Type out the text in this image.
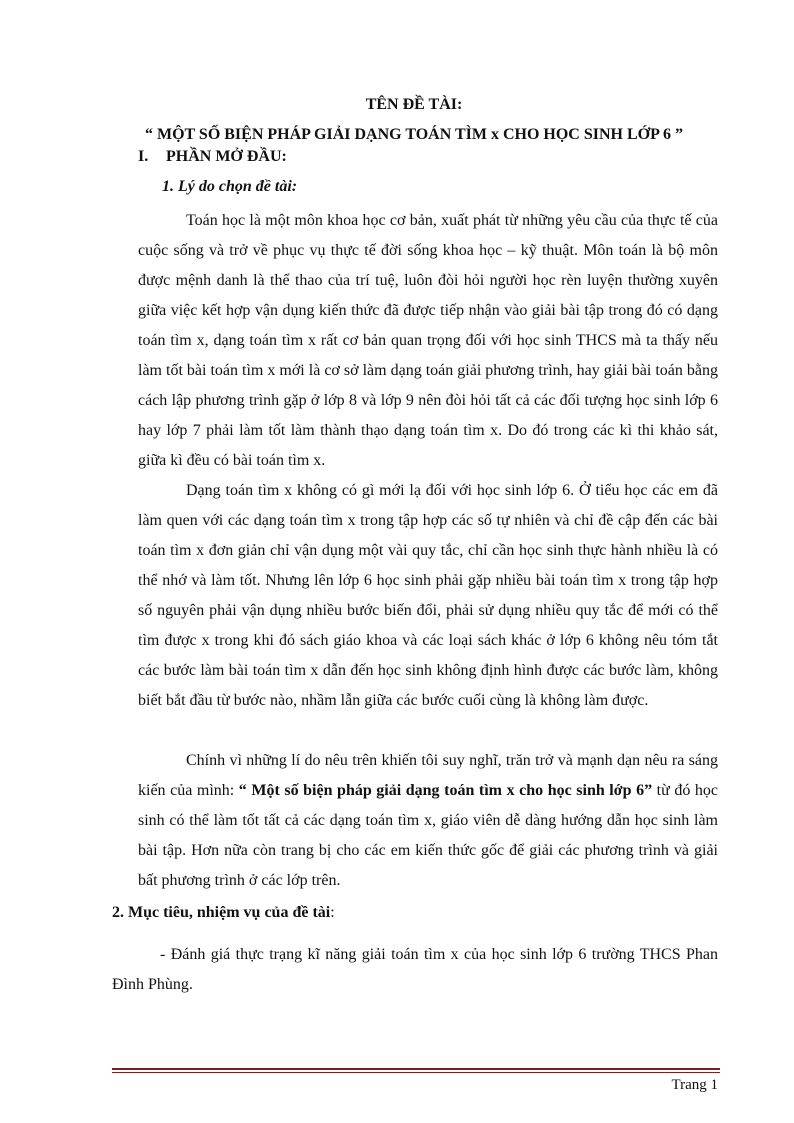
TÊN ĐỀ TÀI:
“ MỘT SỐ BIỆN PHÁP GIẢI DẠNG TOÁN TÌM x CHO HỌC SINH LỚP 6 ”
I. PHẦN MỞ ĐẦU:
1. Lý do chọn đề tài:
Toán học là một môn khoa học cơ bản, xuất phát từ những yêu cầu của thực tế của cuộc sống và trở về phục vụ thực tế đời sống khoa học – kỹ thuật. Môn toán là bộ môn được mệnh danh là thể thao của trí tuệ, luôn đòi hỏi người học rèn luyện thường xuyên giữa việc kết hợp vận dụng kiến thức đã được tiếp nhận vào giải bài tập trong đó có dạng toán tìm x, dạng toán tìm x rất cơ bản quan trọng đối với học sinh THCS mà ta thấy nếu làm tốt bài toán tìm x mới là cơ sở làm dạng toán giải phương trình, hay giải bài toán bằng cách lập phương trình gặp ở lớp 8 và lớp 9 nên đòi hỏi tất cả các đối tượng học sinh lớp 6 hay lớp 7 phải làm tốt làm thành thạo dạng toán tìm x. Do đó trong các kì thi khảo sát, giữa kì đều có bài toán tìm x.
Dạng toán tìm x không có gì mới lạ đối với học sinh lớp 6. Ở tiểu học các em đã làm quen với các dạng toán tìm x trong tập hợp các số tự nhiên và chỉ đề cập đến các bài toán tìm x đơn giản chỉ vận dụng một vài quy tắc, chỉ cần học sinh thực hành nhiều là có thể nhớ và làm tốt. Nhưng lên lớp 6 học sinh phải gặp nhiều bài toán tìm x trong tập hợp số nguyên phải vận dụng nhiều bước biến đổi, phải sử dụng nhiều quy tắc để mới có thể tìm được x trong khi đó sách giáo khoa và các loại sách khác ở lớp 6 không nêu tóm tắt các bước làm bài toán tìm x dẫn đến học sinh không định hình được các bước làm, không biết bắt đầu từ bước nào, nhầm lẫn giữa các bước cuối cùng là không làm được.
Chính vì những lí do nêu trên khiến tôi suy nghĩ, trăn trở và mạnh dạn nêu ra sáng kiến của mình: “ Một số biện pháp giải dạng toán tìm x cho học sinh lớp 6” từ đó học sinh có thể làm tốt tất cả các dạng toán tìm x, giáo viên dễ dàng hướng dẫn học sinh làm bài tập. Hơn nữa còn trang bị cho các em kiến thức gốc để giải các phương trình và giải bất phương trình ở các lớp trên.
2. Mục tiêu, nhiệm vụ của đề tài:
- Đánh giá thực trạng kĩ năng giải toán tìm x của học sinh lớp 6 trường THCS Phan Đình Phùng.
Trang 1
